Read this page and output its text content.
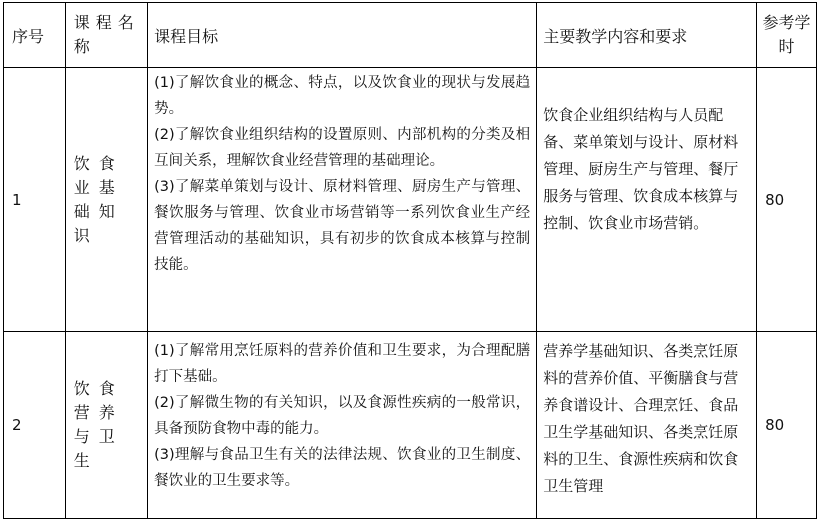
序号	课程名称	课程目标	主要教学内容和要求	参考学时
1	饮食业基础知识	(1)了解饮食业的概念、特点，以及饮食业的现状与发展趋势。

(2)了解饮食业组织结构的设置原则、内部机构的分类及相互间关系，理解饮食业经营管理的基础理论。

(3)了解菜单策划与设计、原材料管理、厨房生产与管理、餐饮服务与管理、饮食业市场营销等一系列饮食业生产经营管理活动的基础知识，具有初步的饮食成本核算与控制技能。	饮食企业组织结构与人员配备、菜单策划与设计、原材料管理、厨房生产与管理、餐厅服务与管理、饮食成本核算与控制、饮食业市场营销。	80
2	饮食营养与卫生	(1)了解常用烹饪原料的营养价值和卫生要求，为合理配膳打下基础。

(2)了解微生物的有关知识，以及食源性疾病的一般常识，具备预防食物中毒的能力。

(3)理解与食品卫生有关的法律法规、饮食业的卫生制度、餐饮业的卫生要求等。	营养学基础知识、各类烹饪原料的营养价值、平衡膳食与营养食谱设计、合理烹饪、食品卫生学基础知识、各类烹饪原料的卫生、食源性疾病和饮食卫生管理	80
